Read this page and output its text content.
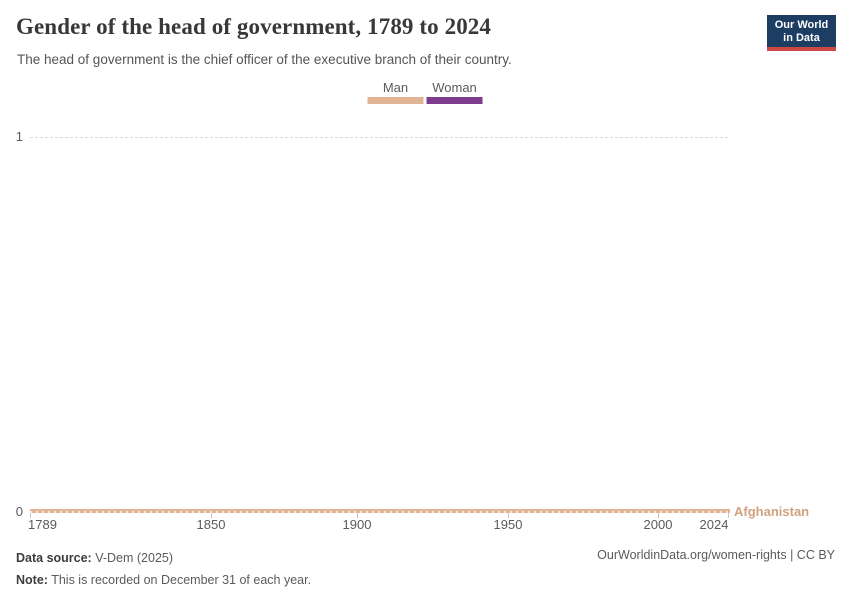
Gender of the head of government, 1789 to 2024

The head of government is the chief officer of the executive branch of their country.

Our World
in Data
Man Woman
1
0	Afghanistan
1789	1850	1900	1950	2000 2024
Data source: V-Dem (2025)
Note: This is recorded on December 31 of each year.
OurWorldinData.org/women-rights | CC BY
